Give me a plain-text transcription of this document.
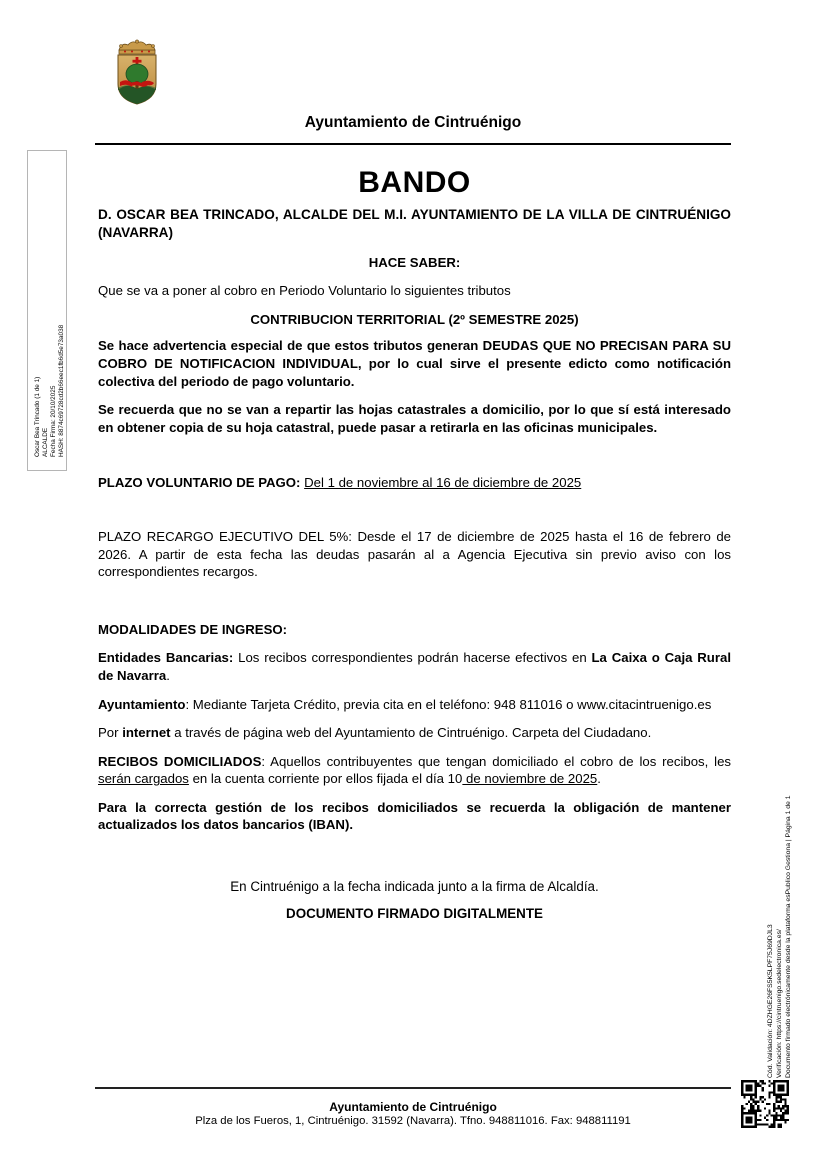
Ayuntamiento de Cintruénigo
Oscar Bea Trincado (1 de 1) ALCALDE Fecha Firma: 20/10/2025 HASH: 8874c69728cd2b66eec1fb6d5e73a038
Cód. Validación: 4DZHGE26FS5K5LPF75J69DJL3 Verificación: https://cintruenigo.sedelectronica.es/ Documento firmado electrónicamente desde la plataforma esPublico Gestiona | Página 1 de 1
BANDO

D. OSCAR BEA TRINCADO, ALCALDE DEL M.I. AYUNTAMIENTO DE LA VILLA DE CINTRUÉNIGO (NAVARRA)

HACE SABER:

Que se va a poner al cobro en Periodo Voluntario lo siguientes tributos

CONTRIBUCION TERRITORIAL (2º SEMESTRE 2025)

Se hace advertencia especial de que estos tributos generan DEUDAS QUE NO PRECISAN PARA SU COBRO DE NOTIFICACION INDIVIDUAL, por lo cual sirve el presente edicto como notificación colectiva del periodo de pago voluntario.

Se recuerda que no se van a repartir las hojas catastrales a domicilio, por lo que sí está interesado en obtener copia de su hoja catastral, puede pasar a retirarla en las oficinas municipales.

PLAZO VOLUNTARIO DE PAGO: Del 1 de noviembre al 16 de diciembre de 2025

PLAZO RECARGO EJECUTIVO DEL 5%: Desde el 17 de diciembre de 2025 hasta el 16 de febrero de 2026. A partir de esta fecha las deudas pasarán al a Agencia Ejecutiva sin previo aviso con los correspondientes recargos.

MODALIDADES DE INGRESO:

Entidades Bancarias: Los recibos correspondientes podrán hacerse efectivos en La Caixa o Caja Rural de Navarra.

Ayuntamiento: Mediante Tarjeta Crédito, previa cita en el teléfono: 948 811016 o www.citacintruenigo.es

Por internet a través de página web del Ayuntamiento de Cintruénigo. Carpeta del Ciudadano.

RECIBOS DOMICILIADOS: Aquellos contribuyentes que tengan domiciliado el cobro de los recibos, les serán cargados en la cuenta corriente por ellos fijada el día 10 de noviembre de 2025.

Para la correcta gestión de los recibos domiciliados se recuerda la obligación de mantener actualizados los datos bancarios (IBAN).

En Cintruénigo a la fecha indicada junto a la firma de Alcaldía.

DOCUMENTO FIRMADO DIGITALMENTE

Ayuntamiento de Cintruénigo
Plza de los Fueros, 1, Cintruénigo. 31592 (Navarra). Tfno. 948811016. Fax: 948811191
